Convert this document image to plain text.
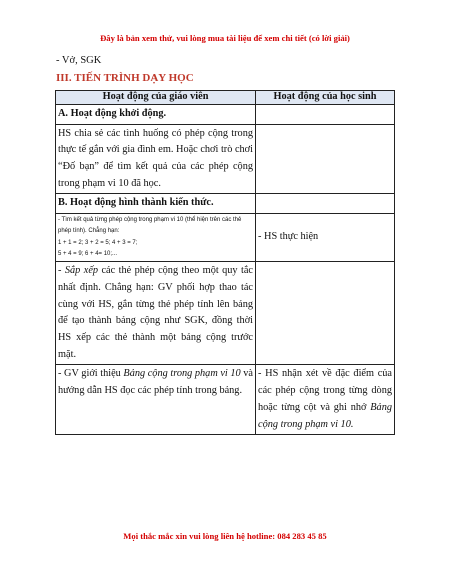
Đây là bản xem thử, vui lòng mua tài liệu để xem chi tiết (có lời giải)
- Vở, SGK
III. TIẾN TRÌNH DẠY HỌC
Hoạt động của giáo viên	Hoạt động của học sinh
A. Hoạt động khởi động.	
HS chia sẻ các tình huống có phép cộng trong thực tế gắn với gia đình em. Hoặc chơi trò chơi “Đố bạn” để tìm kết quả của các phép cộng trong phạm vi 10 đã học.	
B. Hoạt động hình thành kiến thức.	

- Tìm kết quả từng phép cộng trong phạm vi 10 (thể hiện trên các thẻ phép tính). Chẳng hạn:
1 + 1 = 2; 3 + 2 = 5; 4 + 3 = 7;
5 + 4 = 9; 6 + 4= 10;...	- HS thực hiện
- Sắp xếp các thẻ phép cộng theo một quy tắc nhất định. Chẳng hạn: GV phối hợp thao tác cùng với HS, gắn từng thẻ phép tính lên bảng để tạo thành bảng cộng như SGK, đồng thời HS xếp các thẻ thành một bảng cộng trước mặt.	
- GV giới thiệu Bảng cộng trong phạm vi 10 và hướng dẫn HS đọc các phép tính trong bảng.	- HS nhận xét về đặc điểm của các phép cộng trong từng dòng hoặc từng cột và ghi nhớ Bảng cộng trong phạm vi 10.
Mọi thắc mắc xin vui lòng liên hệ hotline: 084 283 45 85
